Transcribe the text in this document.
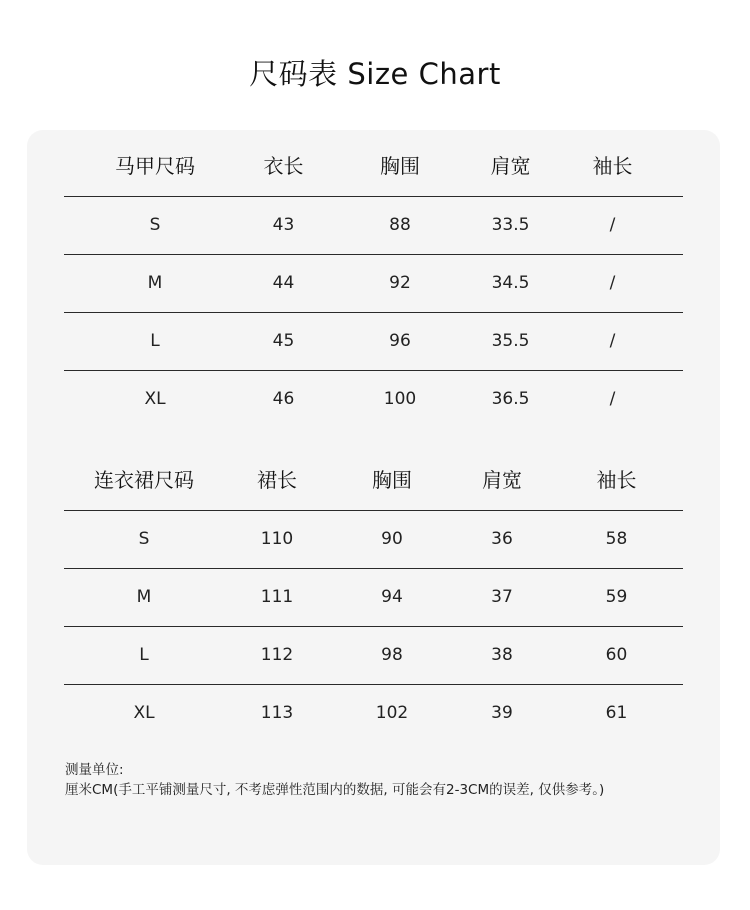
尺码表 Size Chart
马甲尺码	衣长	胸围	肩宽	袖长
S	43	88	33.5	/
M	44	92	34.5	/
L	45	96	35.5	/
XL	46	100	36.5	/
连衣裙尺码	裙长	胸围	肩宽	袖长
S	110	90	36	58
M	111	94	37	59
L	112	98	38	60
XL	113	102	39	61
测量单位:
厘米CM(手工平铺测量尺寸, 不考虑弹性范围内的数据, 可能会有2-3CM的误差, 仅供参考。)
